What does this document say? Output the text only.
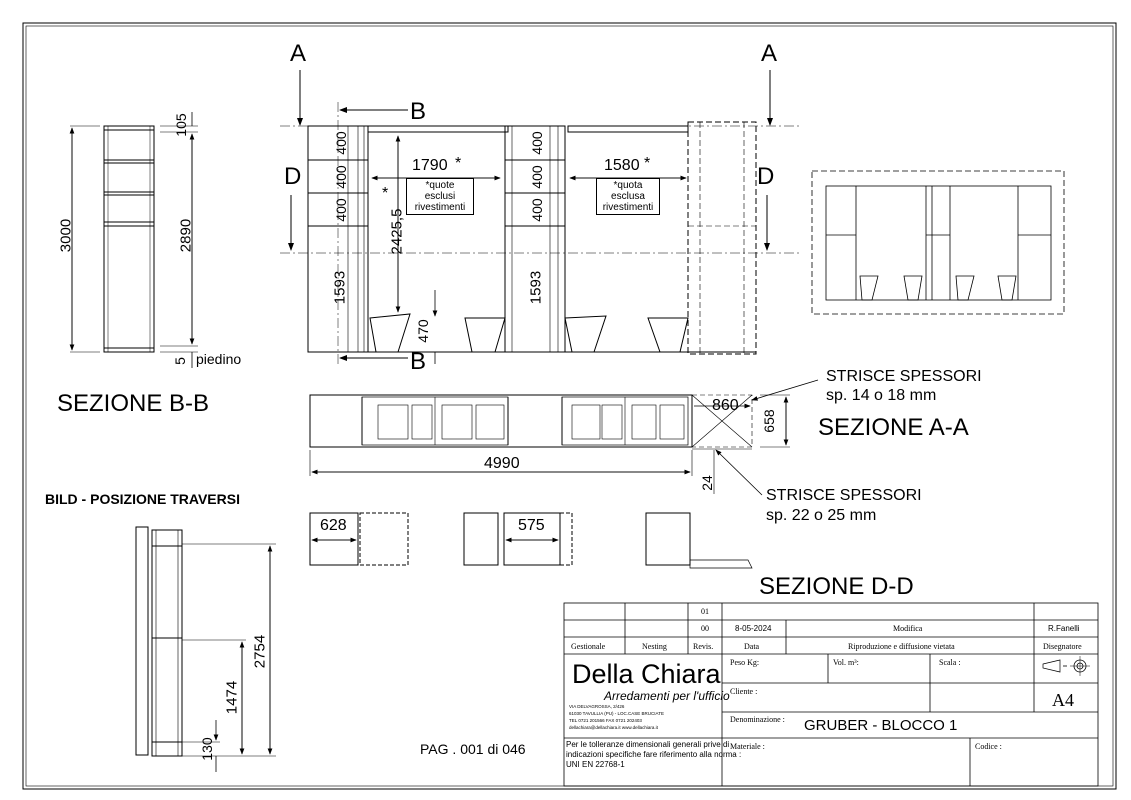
A	A
B
B
D	D
1790 *	1580 *
*	*quote
esclusi
rivestimenti
*quota
esclusa
rivestimenti
2425,5
400
400
400
400
400
400
1593	1593
470
3000	2890
105
5 piedino
SEZIONE B-B
BILD - POSIZIONE TRAVERSI
SEZIONE A-A
SEZIONE D-D
4990
860
658
24
STRISCE SPESSORI
sp. 14 o 18 mm
STRISCE SPESSORI
sp. 22 o 25 mm
628	575
2754
1474
130	PAG . 001 di 046
01
00	8-05-2024	Modifica	R.Fanelli
Gestionale	Nesting	Revis.	Data	Riproduzione e diffusione vietata	Disegnatore
Della Chiara
Arredamenti per l'ufficio
VIA DELVAGROSSA, 2/426
61030 TAVULLIA (PU) - LOC.CASE BRUCIATE
TEL 0721 201566 FAX 0721 202403
dellachiara@dellachiara.it www.dellachiara.it
Peso Kg:	Vol. m³:	Scala :
A4
Cliente :
Denominazione : GRUBER - BLOCCO 1
Per le tolleranze dimensionali generali prive di
indicazioni specifiche fare riferimento alla norma :
UNI EN 22768-1
Materiale :	Codice :
